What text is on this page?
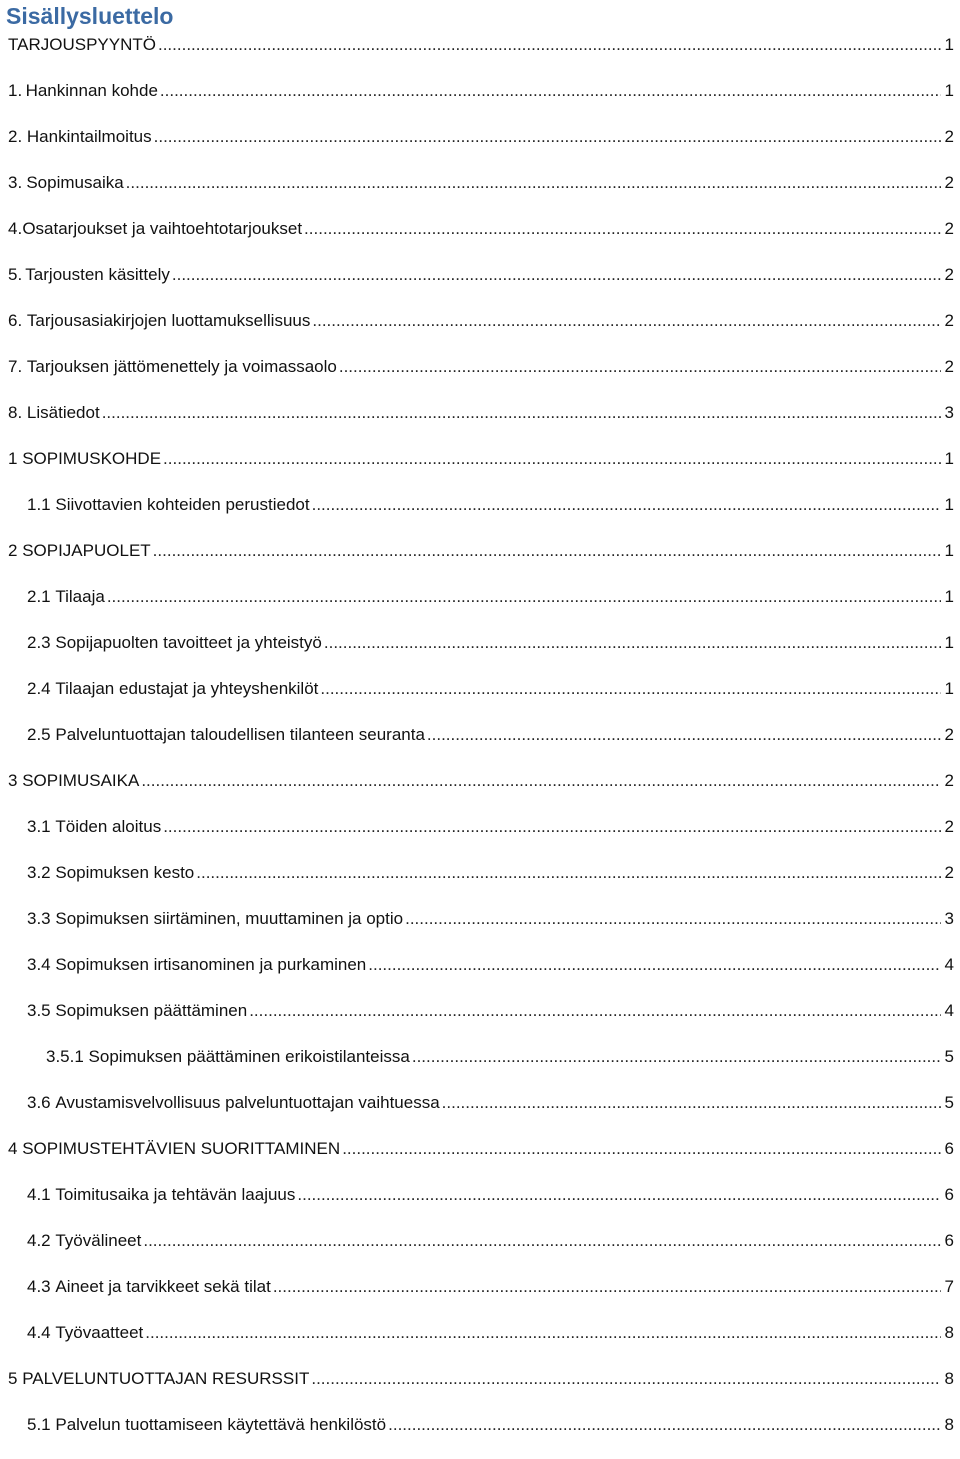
Sisällysluettelo
TARJOUSPYYNTÖ .....	1
1. Hankinnan kohde .....	1
2. Hankintailmoitus .....	2
3. Sopimusaika .....	2
4. Osatarjoukset ja vaihtoehtotarjoukset .....	2
5. Tarjousten käsittely .....	2
6. Tarjousasiakirjojen luottamuksellisuus .....	2
7. Tarjouksen jättömenettely ja voimassaolo .....	2
8. Lisätiedot .....	3
1 SOPIMUSKOHDE .....	1
1.1 Siivottavien kohteiden perustiedot .....	1
2 SOPIJAPUOLET .....	1
2.1 Tilaaja .....	1
2.3 Sopijapuolten tavoitteet ja yhteistyö .....	1
2.4 Tilaajan edustajat ja yhteyshenkilöt .....	1
2.5 Palveluntuottajan taloudellisen tilanteen seuranta .....	2
3 SOPIMUSAIKA .....	2
3.1 Töiden aloitus .....	2
3.2 Sopimuksen kesto .....	2
3.3 Sopimuksen siirtäminen, muuttaminen ja optio .....	3
3.4 Sopimuksen irtisanominen ja purkaminen .....	4
3.5 Sopimuksen päättäminen .....	4
3.5.1 Sopimuksen päättäminen erikoistilanteissa .....	5
3.6 Avustamisvelvollisuus palveluntuottajan vaihtuessa .....	5
4 SOPIMUSTEHTÄVIEN SUORITTAMINEN .....	6
4.1 Toimitusaika ja tehtävän laajuus .....	6
4.2 Työvälineet .....	6
4.3 Aineet ja tarvikkeet sekä tilat .....	7
4.4 Työvaatteet .....	8
5 PALVELUNTUOTTAJAN RESURSSIT .....	8
5.1 Palvelun tuottamiseen käytettävä henkilöstö .....	8
